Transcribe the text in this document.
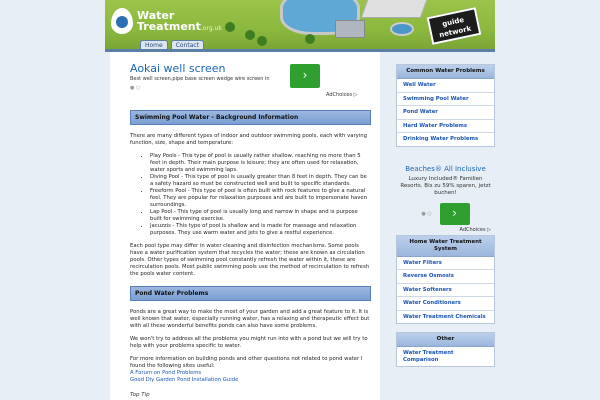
Water
Treatment.org.uk
guide
network
Home	Contact
Aokai well screen
Best well screen,pipe base screen wedge wire screen in
● ○
›
AdChoices ▷
Swimming Pool Water - Background Information

There are many different types of indoor and outdoor swimming pools, each with varying function, size, shape and temperature:

• Play Pools - This type of pool is usually rather shallow, reaching no more than 5 feet in depth. Their main purpose is leisure; they are often used for relaxation, water sports and swimming laps.
• Diving Pool - This type of pool is usually greater than 8 feet in depth. They can be a safety hazard so must be constructed well and built to specific standards.
• Freeform Pool - This type of pool is often built with rock features to give a natural feel. They are popular for relaxation purposes and are built to impersonate haven surroundings.
• Lap Pool - This type of pool is usually long and narrow in shape and is purpose built for swimming exercise.
• Jacuzzis - This type of pool is shallow and is made for massage and relaxation purposes. They use warm water and jets to give a restful experience.

Each pool type may differ in water cleaning and disinfection mechanisms. Some pools have a water purification system that recycles the water; these are known as circulation pools. Other types of swimming pool constantly refresh the water within it, these are recirculation pools. Most public swimming pools use the method of recirculation to refresh the pools water content.

Pond Water Problems

Ponds are a great way to make the most of your garden and add a great feature to it. It is well known that water, especially running water, has a relaxing and therapeutic effect but with all these wonderful benefits ponds can also have some problems.

We won't try to address all the problems you might run into with a pond but we will try to help with your problems specific to water.

For more information on building ponds and other questions not related to pond water I found the following sites useful:

A Forum on Pond Problems
Good Diy Garden Pond Installation Guide
Top Tip
Common Water Problems
Well Water
Swimming Pool Water
Pond Water
Hard Water Problems
Drinking Water Problems
Beaches® All Inclusive
Luxury Included® Familien Resorts. Bis zu 59% sparen, jetzt buchen!
● ○	›
AdChoices ▷
Home Water Treatment System
Water Filters
Reverse Osmosis
Water Softeners
Water Conditioners
Water Treatment Chemicals
Other
Water Treatment Comparison
